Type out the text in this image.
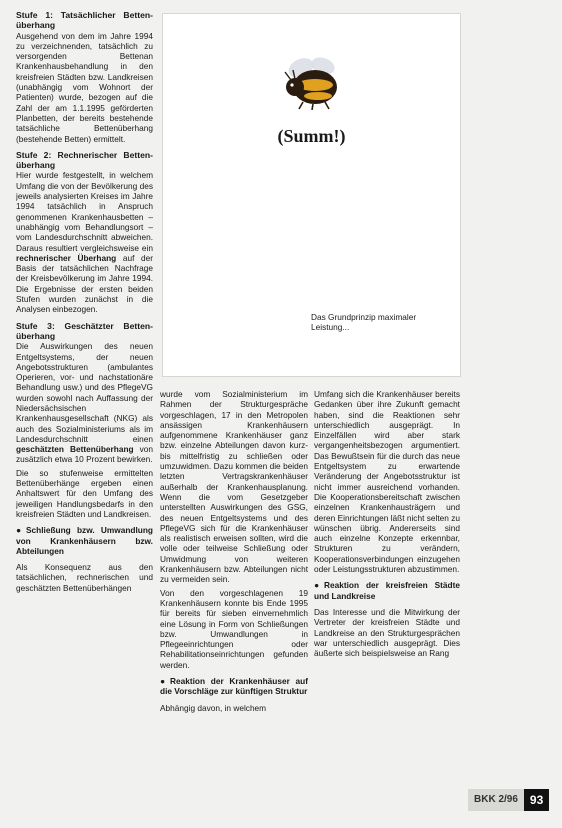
Stufe 1: Tatsächlicher Betten-überhang

Ausgehend von dem im Jahre 1994 zu verzeichnenden, tatsächlich zu versorgenden Bettenan Krankenhausbehandlung in den kreisfreien Städten bzw. Landkreisen (unabhängig vom Wohnort der Patienten) wurde, bezogen auf die Zahl der am 1.1.1995 geförderten Planbetten, der bereits bestehende tatsächliche Bettenüberhang (bestehende Betten) ermittelt.

Stufe 2: Rechnerischer Betten-überhang

Hier wurde festgestellt, in welchem Umfang die von der Bevölkerung des jeweils analysierten Kreises im Jahre 1994 tatsächlich in Anspruch genommenen Krankenhausbetten – unabhängig vom Behandlungsort – vom Landesdurchschnitt abweichen. Daraus resultiert vergleichsweise ein rechnerischer Überhang auf der Basis der tatsächlichen Nachfrage der Kreisbevölkerung im Jahre 1994. Die Ergebnisse der ersten beiden Stufen wurden zunächst in die Analysen einbezogen.

Stufe 3: Geschätzter Betten-überhang

Die Auswirkungen des neuen Entgeltsystems, der neuen Angebotsstrukturen (ambulantes Operieren, vor- und nachstationäre Behandlung usw.) und des PflegeVG wurden sowohl nach Auffassung der Niedersächsischen Krankenhausgesellschaft (NKG) als auch des Sozialministeriums als im Landesdurchschnitt einen geschätzten Bettenüberhang von zusätzlich etwa 10 Prozent bewirken.

Die so stufenweise ermittelten Bettenüberhänge ergeben einen Anhaltswert für den Umfang des jeweiligen Handlungsbedarfs in den kreisfreien Städten und Landkreisen.

● Schließung bzw. Umwandlung von Krankenhäusern bzw. Abteilungen

Als Konsequenz aus den tatsächlichen, rechnerischen und geschätzten Bettenüberhängen

(Summ!)
Das Grundprinzip maximaler Leistung...

wurde vom Sozialministerium im Rahmen der Strukturgespräche vorgeschlagen, 17 in den Metropolen ansässigen Krankenhäusern aufgenommene Krankenhäuser ganz bzw. einzelne Abteilungen davon kurz- bis mittelfristig zu schließen oder umzuwidmen. Dazu kommen die beiden letzten Vertragskrankenhäuser außerhalb der Krankenhausplanung. Wenn die vom Gesetzgeber unterstellten Auswirkungen des GSG, des neuen Entgeltsystems und des PflegeVG sich für die Krankenhäuser als realistisch erweisen sollten, wird die volle oder teilweise Schließung oder Umwidmung von weiteren Krankenhäusern bzw. Abteilungen nicht zu vermeiden sein.

Von den vorgeschlagenen 19 Krankenhäusern konnte bis Ende 1995 für bereits für sieben einvernehmlich eine Lösung in Form von Schließungen bzw. Umwandlungen in Pflegeeinrichtungen oder Rehabilitationseinrichtungen gefunden werden.

● Reaktion der Krankenhäuser auf die Vorschläge zur künftigen Struktur

Abhängig davon, in welchem

Umfang sich die Krankenhäuser bereits Gedanken über ihre Zukunft gemacht haben, sind die Reaktionen sehr unterschiedlich ausgeprägt. In Einzelfällen wird aber stark vergangenheitsbezogen argumentiert. Das Bewußtsein für die durch das neue Entgeltsystem zu erwartende Veränderung der Angebotsstruktur ist nicht immer ausreichend vorhanden. Die Kooperationsbereitschaft zwischen einzelnen Krankenhausträgern und deren Einrichtungen läßt nicht selten zu wünschen übrig. Andererseits sind auch einzelne Konzepte erkennbar, Strukturen zu verändern, Kooperationsverbindungen einzugehen oder Leistungsstrukturen abzustimmen.

● Reaktion der kreisfreien Städte und Landkreise

Das Interesse und die Mitwirkung der Vertreter der kreisfreien Städte und Landkreise an den Strukturgesprächen war unterschiedlich ausgeprägt. Dies äußerte sich beispielsweise an Rang

BKK 2/96	93
